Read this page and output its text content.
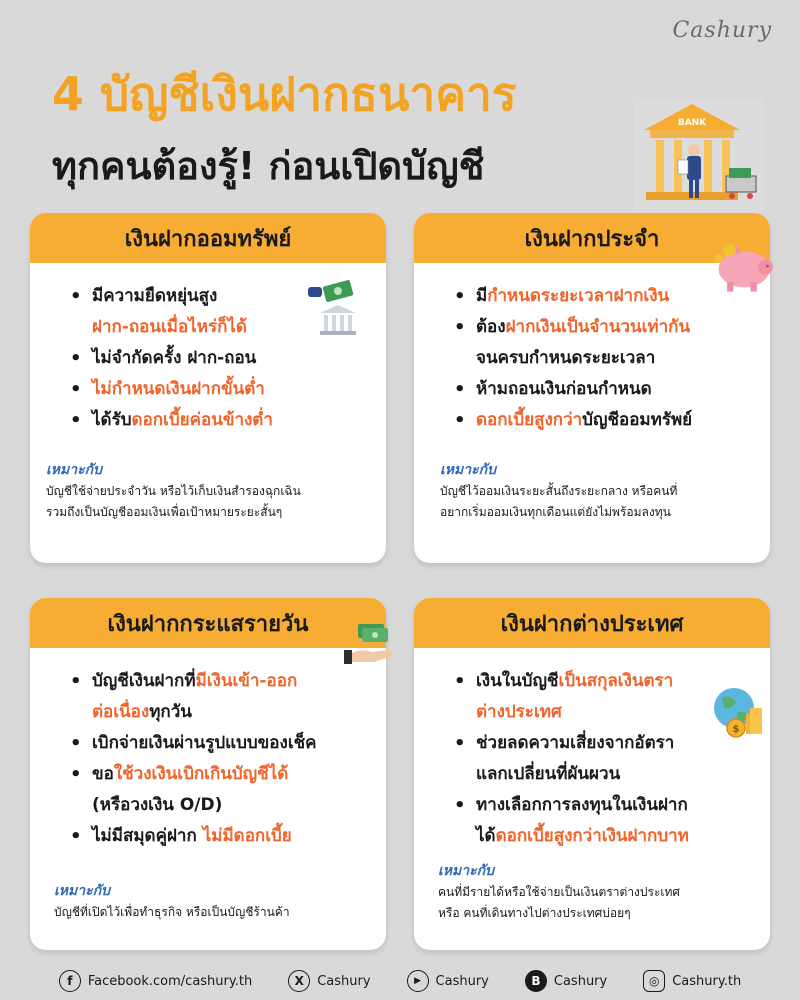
Cashury
4 บัญชีเงินฝากธนาคาร
ทุกคนต้องรู้! ก่อนเปิดบัญชี
BANK
เงินฝากออมทรัพย์
• มีความยืดหยุ่นสูง
ฝาก-ถอนเมื่อไหร่ก็ได้
• ไม่จำกัดครั้ง ฝาก-ถอน
• ไม่กำหนดเงินฝากขั้นต่ำ
• ได้รับดอกเบี้ยค่อนข้างต่ำ
เหมาะกับ
บัญชีใช้จ่ายประจำวัน หรือไว้เก็บเงินสำรองฉุกเฉิน
รวมถึงเป็นบัญชีออมเงินเพื่อเป้าหมายระยะสั้นๆ
เงินฝากประจำ
• มีกำหนดระยะเวลาฝากเงิน
• ต้องฝากเงินเป็นจำนวนเท่ากัน
จนครบกำหนดระยะเวลา
• ห้ามถอนเงินก่อนกำหนด
• ดอกเบี้ยสูงกว่าบัญชีออมทรัพย์
เหมาะกับ
บัญชีไว้ออมเงินระยะสั้นถึงระยะกลาง หรือคนที่
อยากเริ่มออมเงินทุกเดือนแต่ยังไม่พร้อมลงทุน
เงินฝากกระแสรายวัน
• บัญชีเงินฝากที่มีเงินเข้า-ออก
ต่อเนื่องทุกวัน
• เบิกจ่ายเงินผ่านรูปแบบของเช็ค
• ขอใช้วงเงินเบิกเกินบัญชีได้
(หรือวงเงิน O/D)
• ไม่มีสมุดคู่ฝาก ไม่มีดอกเบี้ย
เหมาะกับ
บัญชีที่เปิดไว้เพื่อทำธุรกิจ หรือเป็นบัญชีร้านค้า
เงินฝากต่างประเทศ
$
• เงินในบัญชีเป็นสกุลเงินตรา
ต่างประเทศ
• ช่วยลดความเสี่ยงจากอัตรา
แลกเปลี่ยนที่ผันผวน
• ทางเลือกการลงทุนในเงินฝาก
ได้ดอกเบี้ยสูงกว่าเงินฝากบาท
เหมาะกับ
คนที่มีรายได้หรือใช้จ่ายเป็นเงินตราต่างประเทศ
หรือ คนที่เดินทางไปต่างประเทศบ่อยๆ
f	Facebook.com/cashury.th	X	Cashury	▶	Cashury	B	Cashury	◎ Cashury.th
